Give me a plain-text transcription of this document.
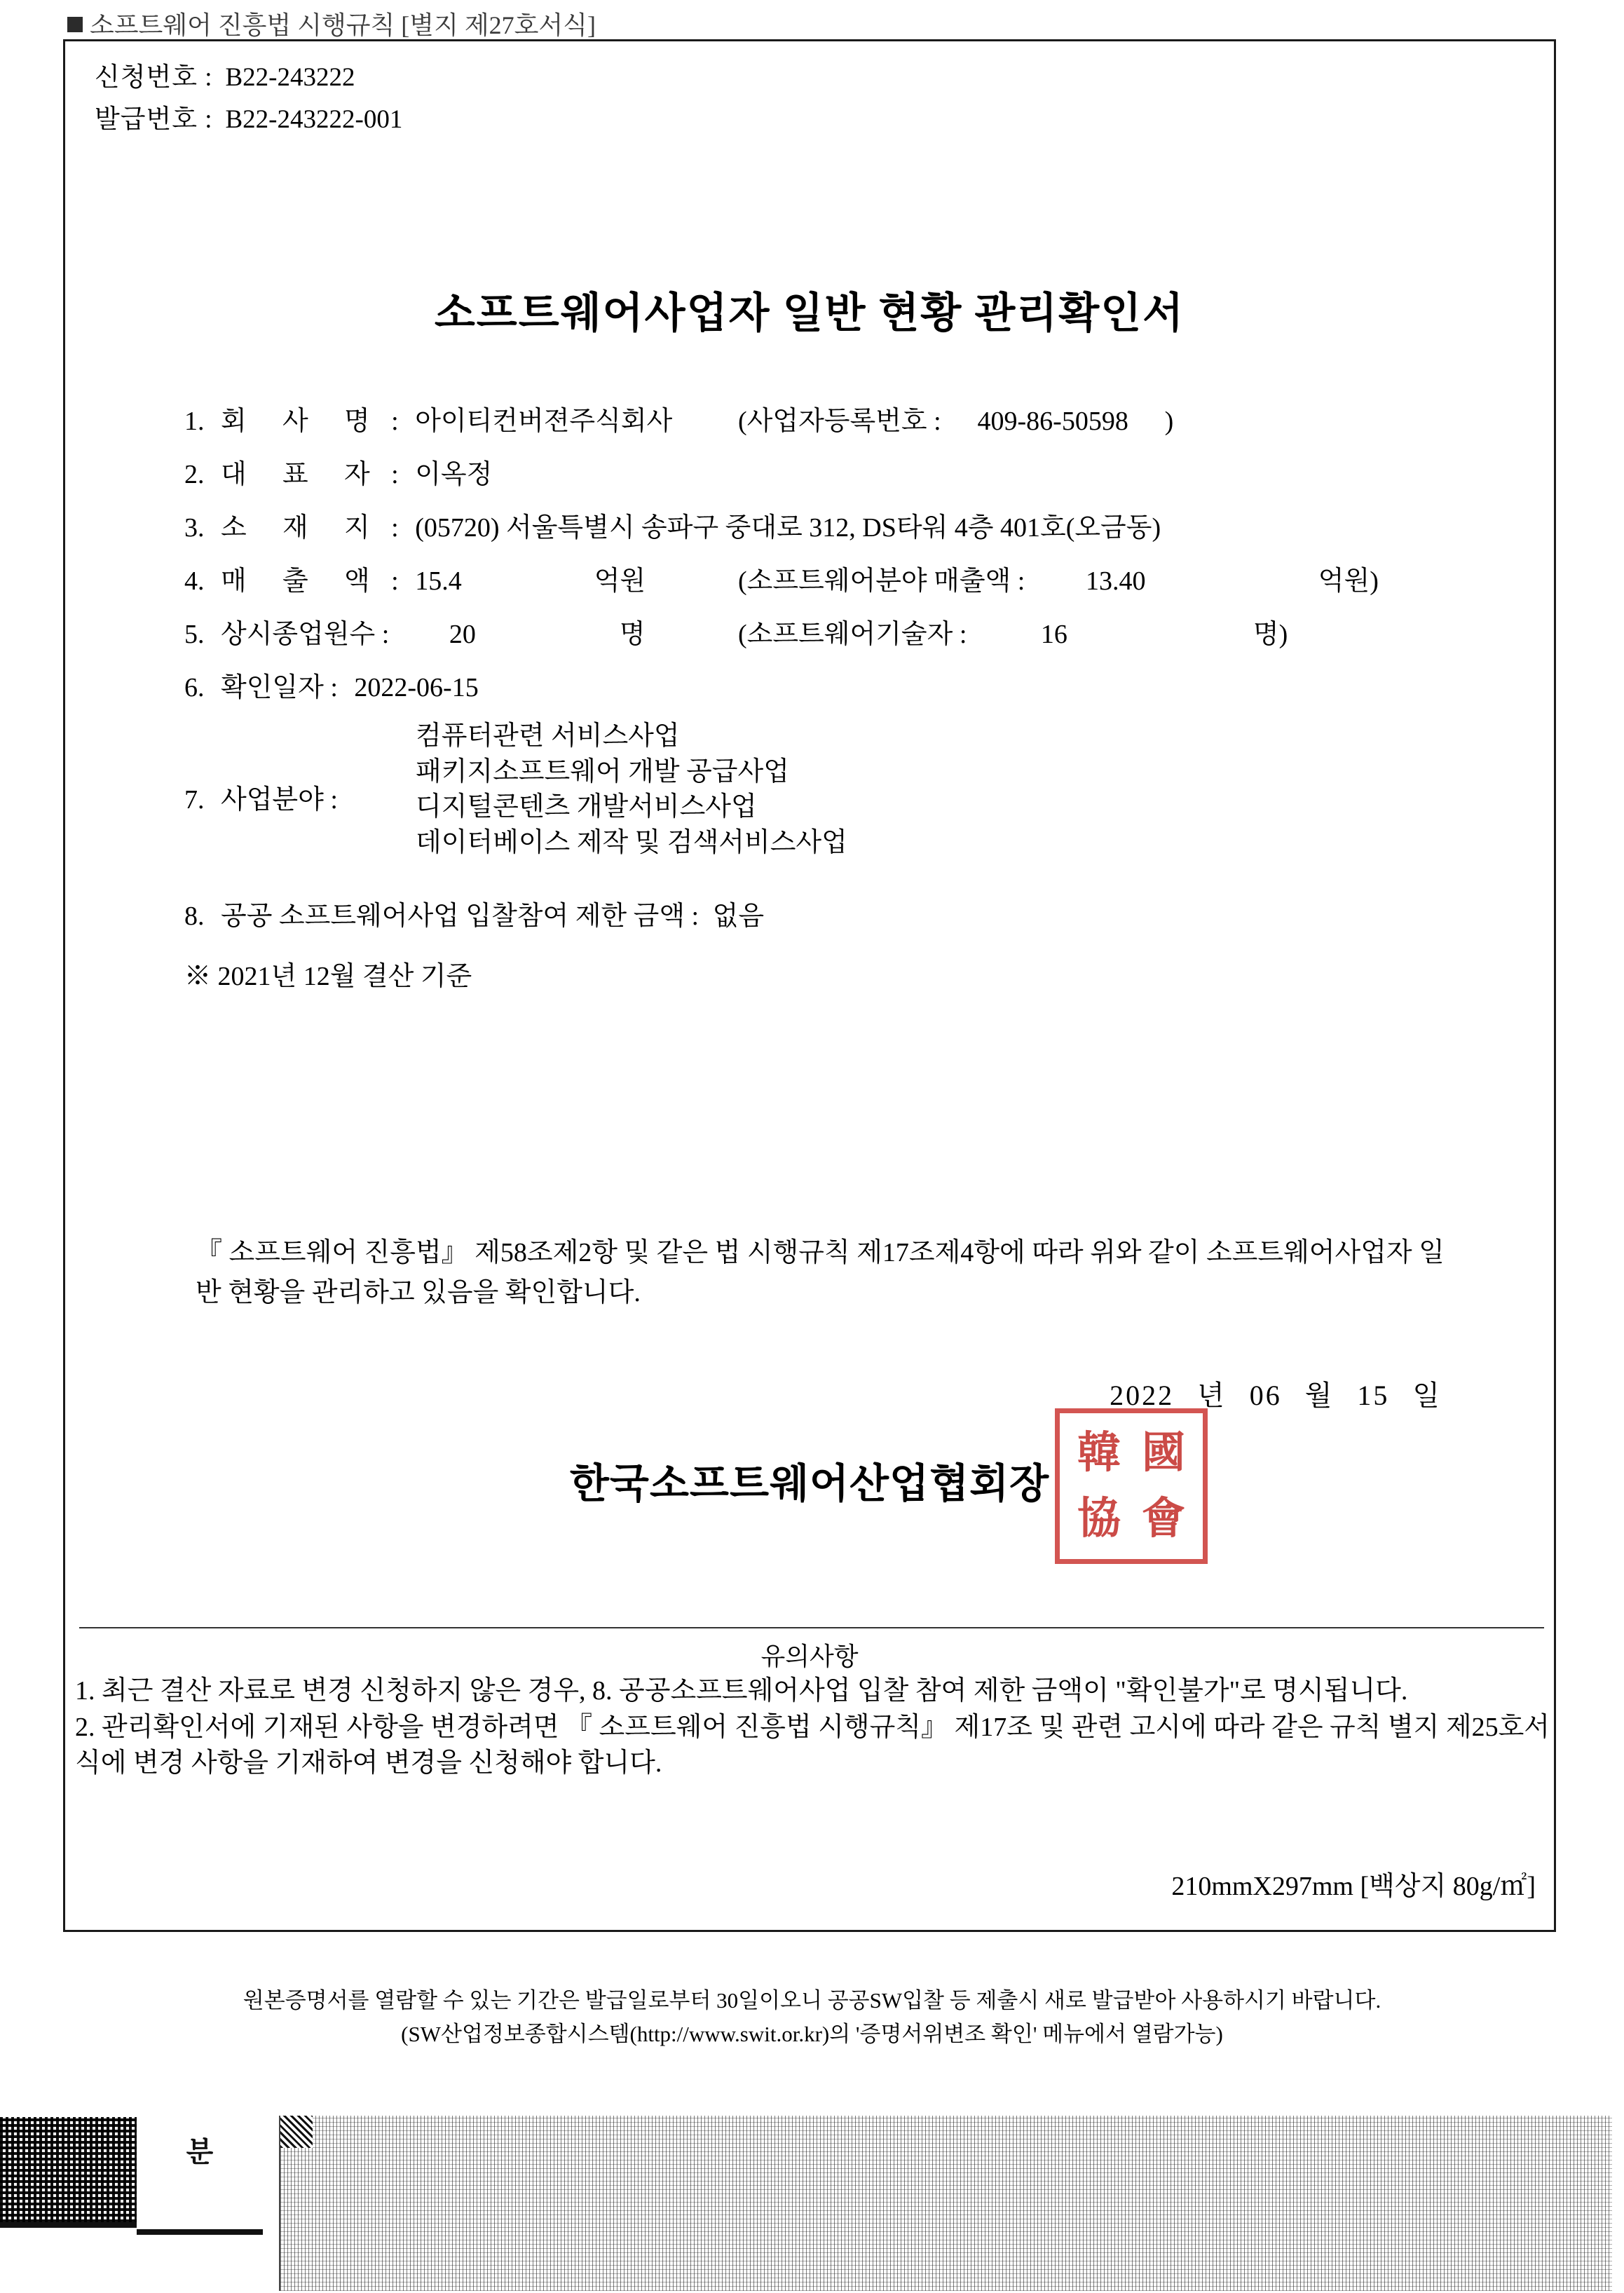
소프트웨어 진흥법 시행규칙 [별지 제27호서식]
신청번호 : B22-243222
발급번호 : B22-243222-001
소프트웨어사업자 일반 현황 관리확인서
1. 회 사 명 : 아이티컨버젼주식회사 (사업자등록번호 : 409-86-50598 )
2. 대 표 자 : 이옥정
3. 소 재 지 : (05720) 서울특별시 송파구 중대로 312, DS타워 4층 401호(오금동)
4. 매 출 액 : 15.4	억원	(소프트웨어분야 매출액 : 13.40	억원)
5. 상시종업원수 : 20	명	(소프트웨어기술자 :	16	명)
6. 확인일자 : 2022-06-15
7. 사업분야 :
컴퓨터관련 서비스사업
패키지소프트웨어 개발 공급사업
디지털콘텐츠 개발서비스사업
데이터베이스 제작 및 검색서비스사업
8. 공공 소프트웨어사업 입찰참여 제한 금액 : 없음
※ 2021년 12월 결산 기준
『 소프트웨어 진흥법』 제58조제2항 및 같은 법 시행규칙 제17조제4항에 따라 위와 같이 소프트웨어사업자 일반 현황을 관리하고 있음을 확인합니다.
2022 년 06 월 15 일
한국소프트웨어산업협회장
韓 國
協 會
유의사항
1. 최근 결산 자료로 변경 신청하지 않은 경우, 8. 공공소프트웨어사업 입찰 참여 제한 금액이 "확인불가"로 명시됩니다.
2. 관리확인서에 기재된 사항을 변경하려면 『 소프트웨어 진흥법 시행규칙』 제17조 및 관련 고시에 따라 같은 규칙 별지 제25호서식에 변경 사항을 기재하여 변경을 신청해야 합니다.
210mmX297mm [백상지 80g/㎡]
원본증명서를 열람할 수 있는 기간은 발급일로부터 30일이오니 공공SW입찰 등 제출시 새로 발급받아 사용하시기 바랍니다.
(SW산업정보종합시스템(http://www.swit.or.kr)의 '증명서위변조 확인' 메뉴에서 열람가능)
분
